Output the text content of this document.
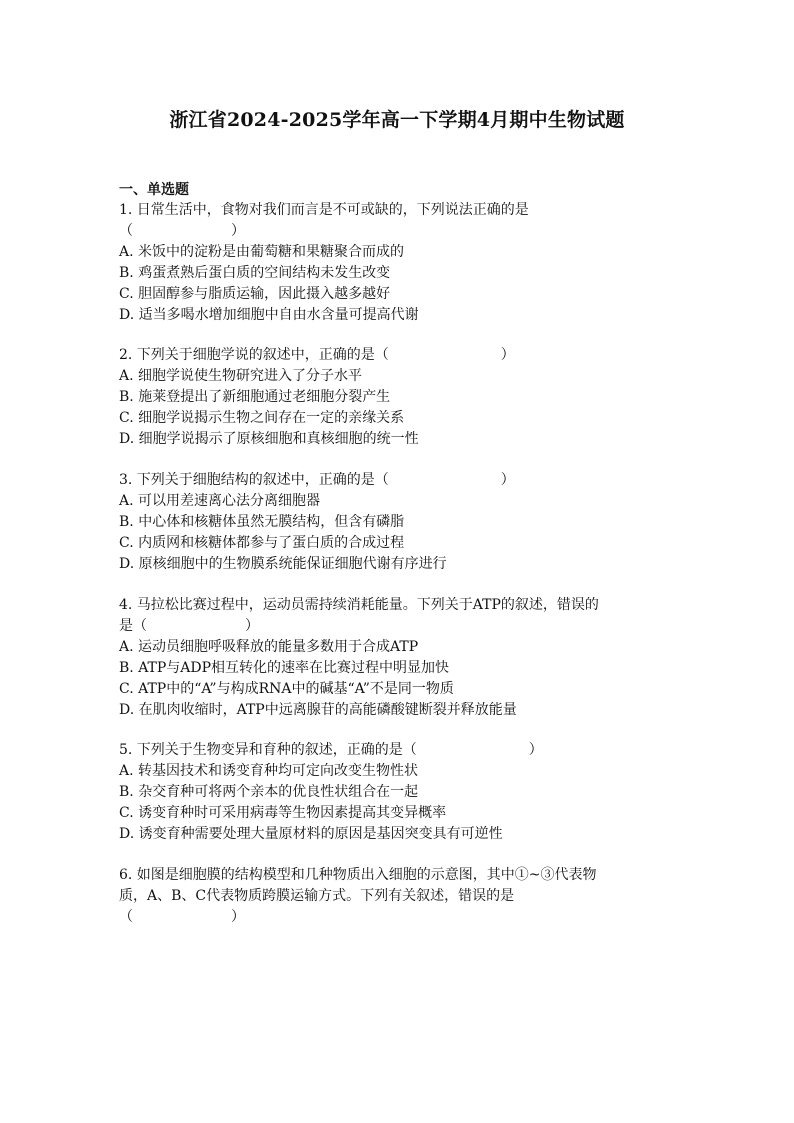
浙江省2024-2025学年高一下学期4月期中生物试题
一、单选题
1. 日常生活中，食物对我们而言是不可或缺的，下列说法正确的是
（　　　　　　　）
A. 米饭中的淀粉是由葡萄糖和果糖聚合而成的
B. 鸡蛋煮熟后蛋白质的空间结构未发生改变
C. 胆固醇参与脂质运输，因此摄入越多越好
D. 适当多喝水增加细胞中自由水含量可提高代谢
2. 下列关于细胞学说的叙述中，正确的是（　　　　　　　　）
A. 细胞学说使生物研究进入了分子水平
B. 施莱登提出了新细胞通过老细胞分裂产生
C. 细胞学说揭示生物之间存在一定的亲缘关系
D. 细胞学说揭示了原核细胞和真核细胞的统一性
3. 下列关于细胞结构的叙述中，正确的是（　　　　　　　　）
A. 可以用差速离心法分离细胞器
B. 中心体和核糖体虽然无膜结构，但含有磷脂
C. 内质网和核糖体都参与了蛋白质的合成过程
D. 原核细胞中的生物膜系统能保证细胞代谢有序进行
4. 马拉松比赛过程中，运动员需持续消耗能量。下列关于ATP的叙述，错误的
是（　　　　　　　）
A. 运动员细胞呼吸释放的能量多数用于合成ATP
B. ATP与ADP相互转化的速率在比赛过程中明显加快
C. ATP中的“A”与构成RNA中的碱基“A”不是同一物质
D. 在肌肉收缩时，ATP中远离腺苷的高能磷酸键断裂并释放能量
5. 下列关于生物变异和育种的叙述，正确的是（　　　　　　　　）
A. 转基因技术和诱变育种均可定向改变生物性状
B. 杂交育种可将两个亲本的优良性状组合在一起
C. 诱变育种时可采用病毒等生物因素提高其变异概率
D. 诱变育种需要处理大量原材料的原因是基因突变具有可逆性
6. 如图是细胞膜的结构模型和几种物质出入细胞的示意图，其中①~③代表物
质，A、B、C代表物质跨膜运输方式。下列有关叙述，错误的是
（　　　　　　　）
